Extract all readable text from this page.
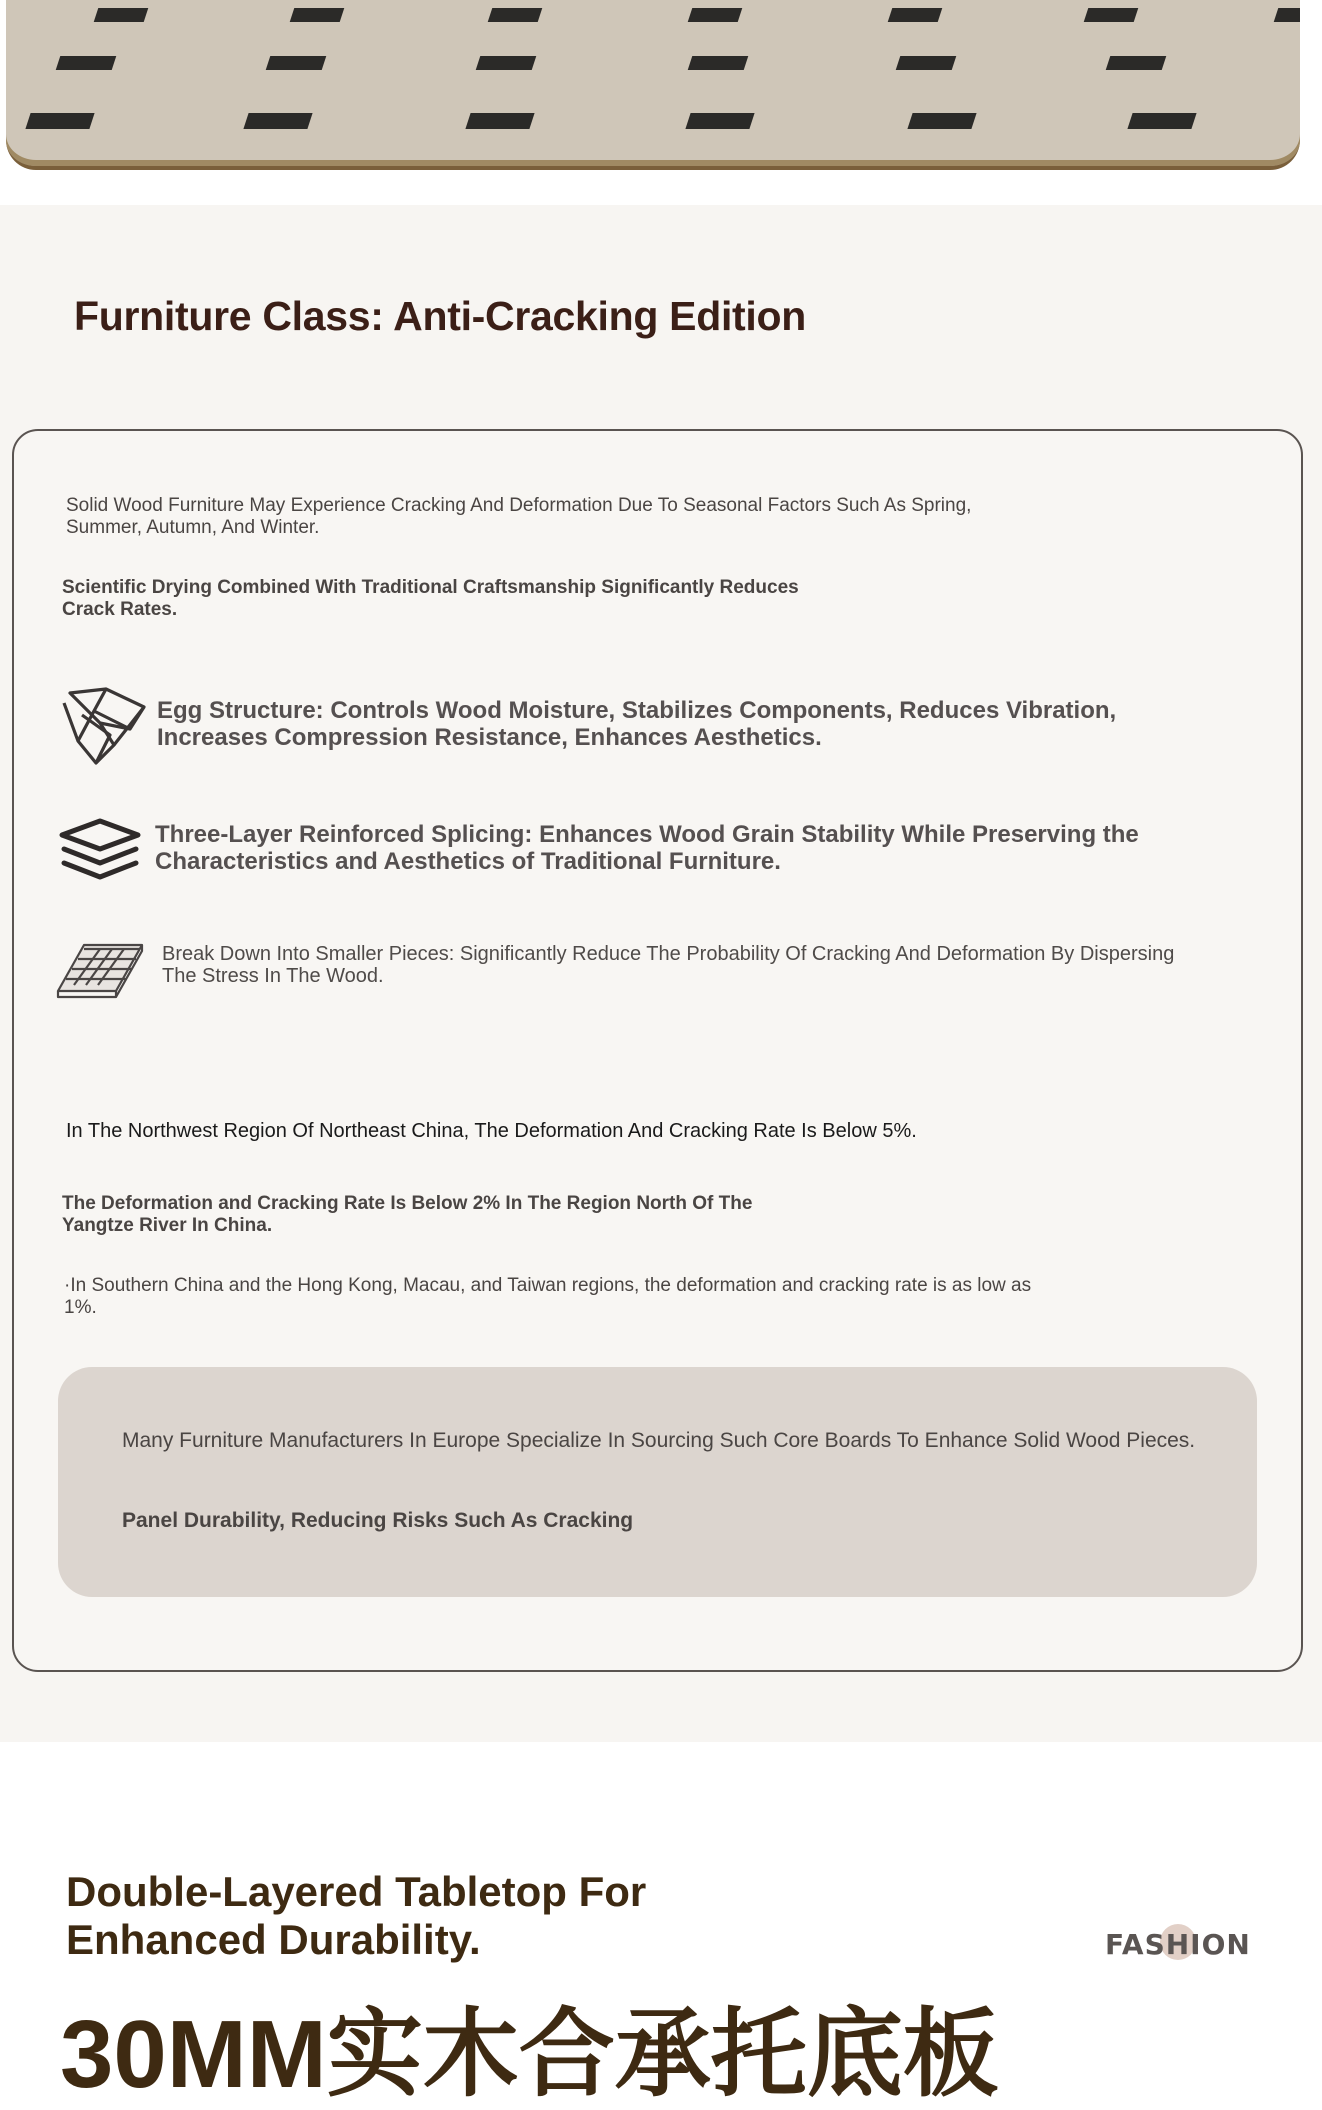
Furniture Class: Anti-Cracking Edition

Solid Wood Furniture May Experience Cracking And Deformation Due To Seasonal Factors Such As Spring, Summer, Autumn, And Winter.

Scientific Drying Combined With Traditional Craftsmanship Significantly Reduces Crack Rates.

Egg Structure: Controls Wood Moisture, Stabilizes Components, Reduces Vibration, Increases Compression Resistance, Enhances Aesthetics.

Three-Layer Reinforced Splicing: Enhances Wood Grain Stability While Preserving the Characteristics and Aesthetics of Traditional Furniture.

Break Down Into Smaller Pieces: Significantly Reduce The Probability Of Cracking And Deformation By Dispersing The Stress In The Wood.

In The Northwest Region Of Northeast China, The Deformation And Cracking Rate Is Below 5%.

The Deformation and Cracking Rate Is Below 2% In The Region North Of The Yangtze River In China.

·In Southern China and the Hong Kong, Macau, and Taiwan regions, the deformation and cracking rate is as low as 1%.

Many Furniture Manufacturers In Europe Specialize In Sourcing Such Core Boards To Enhance Solid Wood Pieces.

Panel Durability, Reducing Risks Such As Cracking

Double-Layered Tabletop For Enhanced Durability.	FASHION

30MM实木合承托底板
